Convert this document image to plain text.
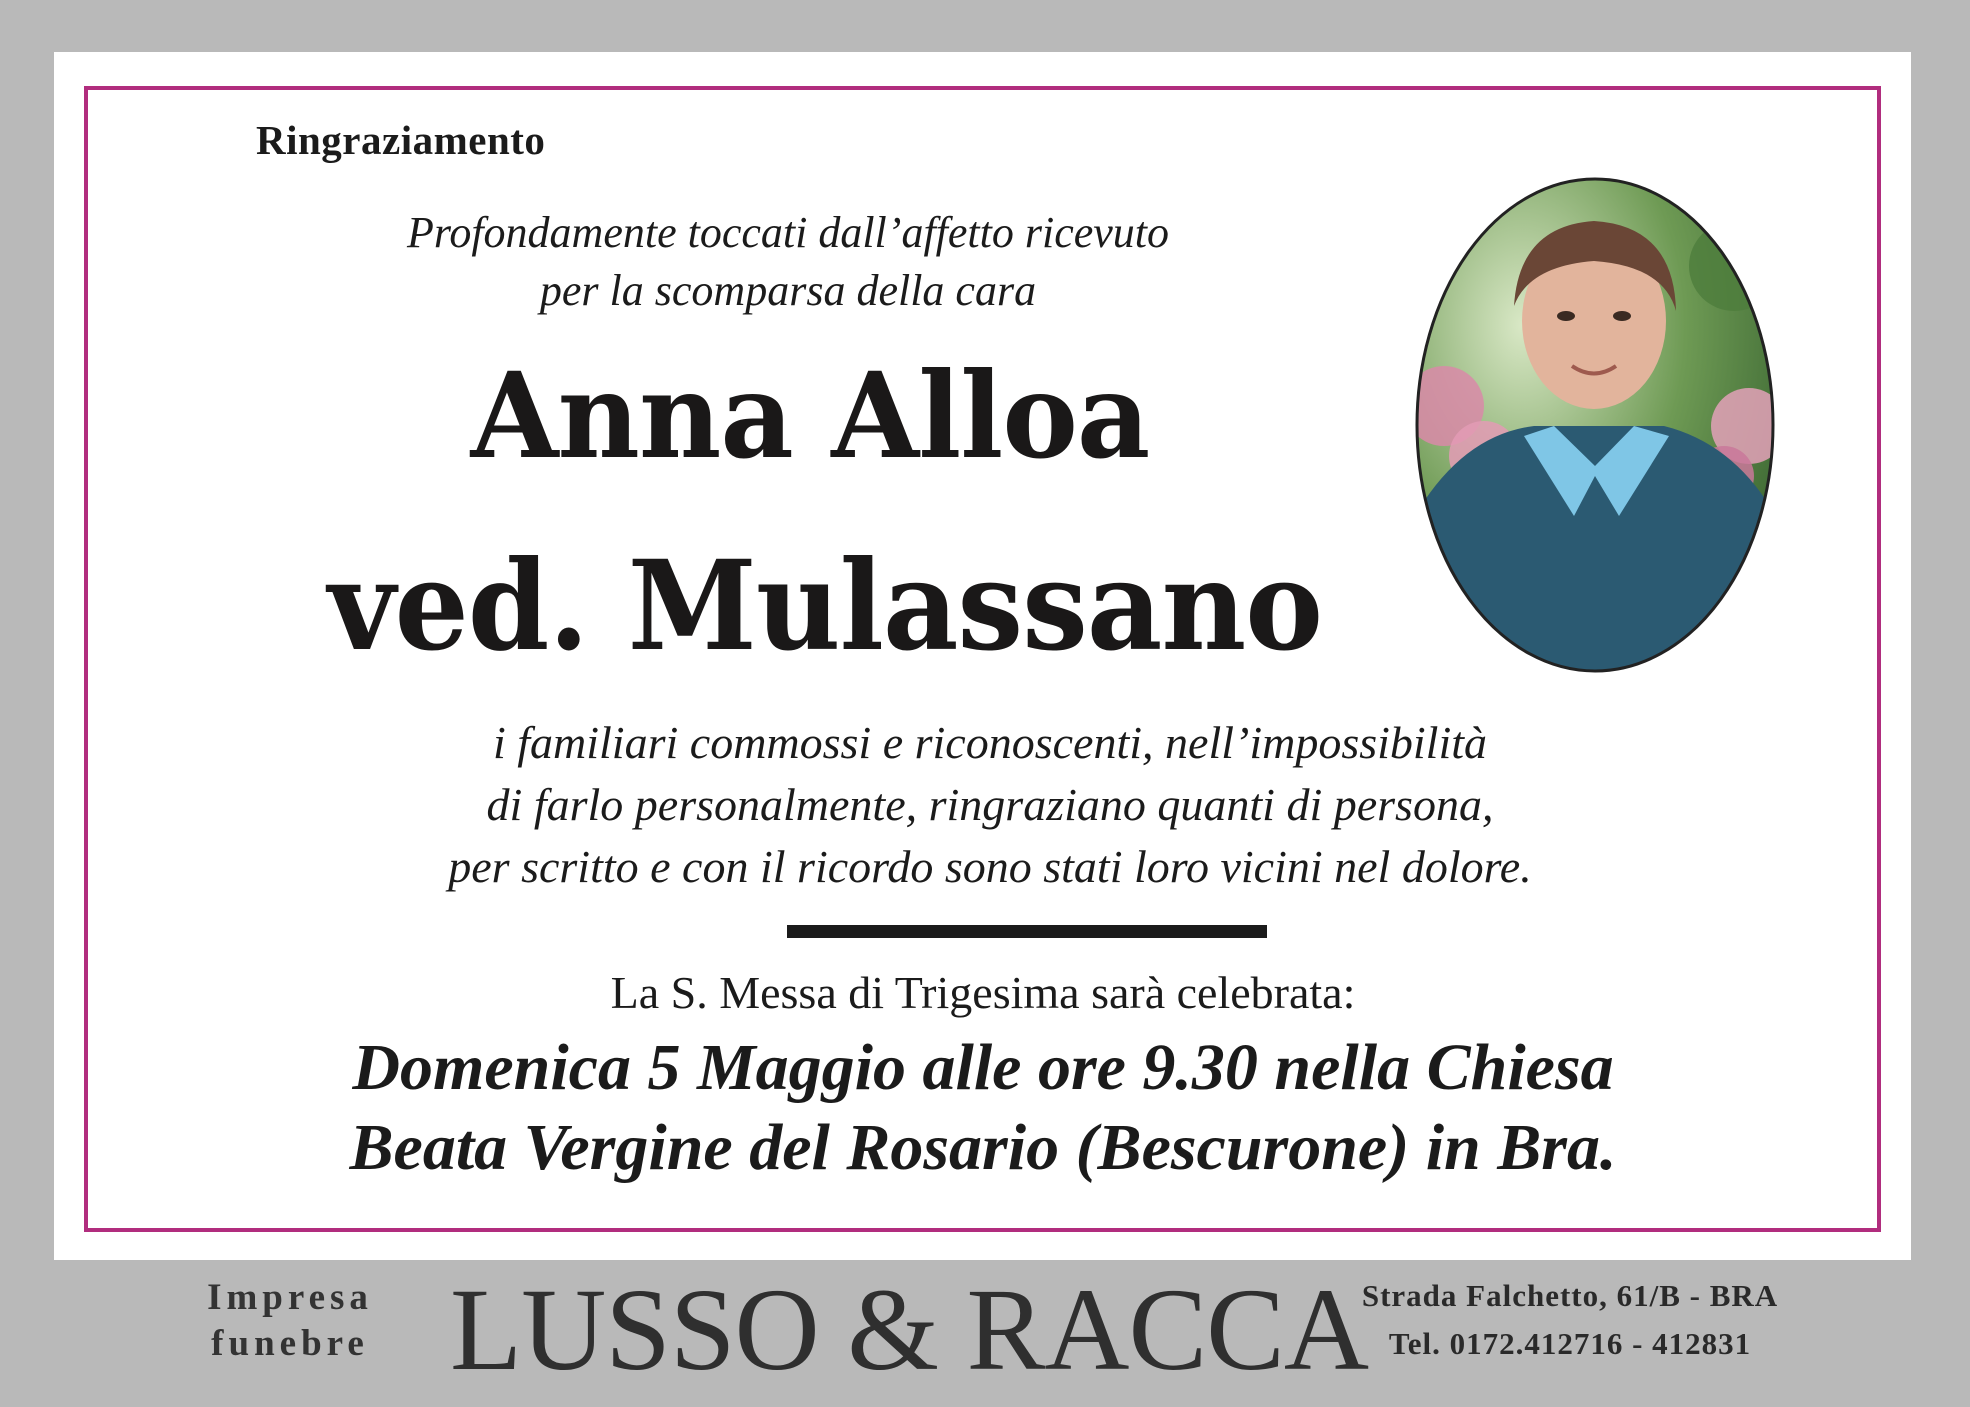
Ringraziamento
Profondamente toccati dall’affetto ricevuto
per la scomparsa della cara
Anna Alloa
ved. Mulassano
i familiari commossi e riconoscenti, nell’impossibilità
di farlo personalmente, ringraziano quanti di persona,
per scritto e con il ricordo sono stati loro vicini nel dolore.
La S. Messa di Trigesima sarà celebrata:
Domenica 5 Maggio alle ore 9.30 nella Chiesa
Beata Vergine del Rosario (Bescurone) in Bra.
Impresa
funebre LUSSO & RACCA
Strada Falchetto, 61/B - BRA
Tel. 0172.412716 - 412831
